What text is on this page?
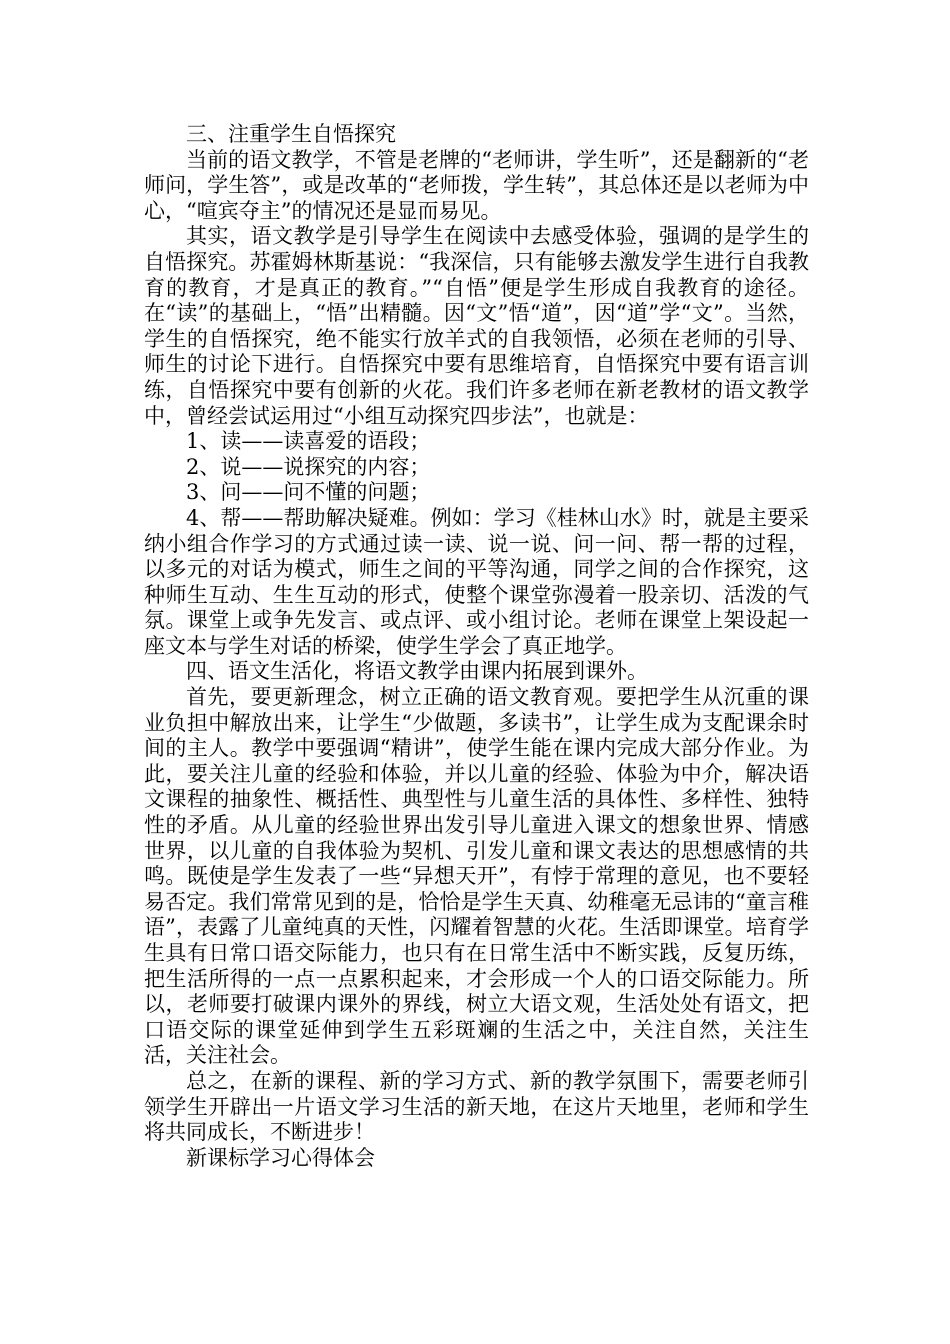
三、注重学生自悟探究

当前的语文教学，不管是老牌的“老师讲，学生听”，还是翻新的“老师问，学生答”，或是改革的“老师拨，学生转”，其总体还是以老师为中心，“喧宾夺主”的情况还是显而易见。

其实，语文教学是引导学生在阅读中去感受体验，强调的是学生的自悟探究。苏霍姆林斯基说：“我深信，只有能够去激发学生进行自我教育的教育，才是真正的教育。”“自悟”便是学生形成自我教育的途径。在“读”的基础上，“悟”出精髓。因“文”悟“道”，因“道”学“文”。当然，学生的自悟探究，绝不能实行放羊式的自我领悟，必须在老师的引导、师生的讨论下进行。自悟探究中要有思维培育，自悟探究中要有语言训练，自悟探究中要有创新的火花。我们许多老师在新老教材的语文教学中，曾经尝试运用过“小组互动探究四步法”，也就是：

1、读——读喜爱的语段；

2、说——说探究的内容；

3、问——问不懂的问题；

4、帮——帮助解决疑难。例如：学习《桂林山水》时，就是主要采纳小组合作学习的方式通过读一读、说一说、问一问、帮一帮的过程，以多元的对话为模式，师生之间的平等沟通，同学之间的合作探究，这种师生互动、生生互动的形式，使整个课堂弥漫着一股亲切、活泼的气氛。课堂上或争先发言、或点评、或小组讨论。老师在课堂上架设起一座文本与学生对话的桥梁，使学生学会了真正地学。

四、语文生活化，将语文教学由课内拓展到课外。

首先，要更新理念，树立正确的语文教育观。要把学生从沉重的课业负担中解放出来，让学生“少做题，多读书”，让学生成为支配课余时间的主人。教学中要强调“精讲”，使学生能在课内完成大部分作业。为此，要关注儿童的经验和体验，并以儿童的经验、体验为中介，解决语文课程的抽象性、概括性、典型性与儿童生活的具体性、多样性、独特性的矛盾。从儿童的经验世界出发引导儿童进入课文的想象世界、情感世界，以儿童的自我体验为契机、引发儿童和课文表达的思想感情的共鸣。既使是学生发表了一些“异想天开”，有悖于常理的意见，也不要轻易否定。我们常常见到的是，恰恰是学生天真、幼稚毫无忌讳的“童言稚语”，表露了儿童纯真的天性，闪耀着智慧的火花。生活即课堂。培育学生具有日常口语交际能力，也只有在日常生活中不断实践，反复历练，把生活所得的一点一点累积起来，才会形成一个人的口语交际能力。所以，老师要打破课内课外的界线，树立大语文观，生活处处有语文，把口语交际的课堂延伸到学生五彩斑斓的生活之中，关注自然，关注生活，关注社会。

总之，在新的课程、新的学习方式、新的教学氛围下，需要老师引领学生开辟出一片语文学习生活的新天地，在这片天地里，老师和学生将共同成长，不断进步！

新课标学习心得体会
